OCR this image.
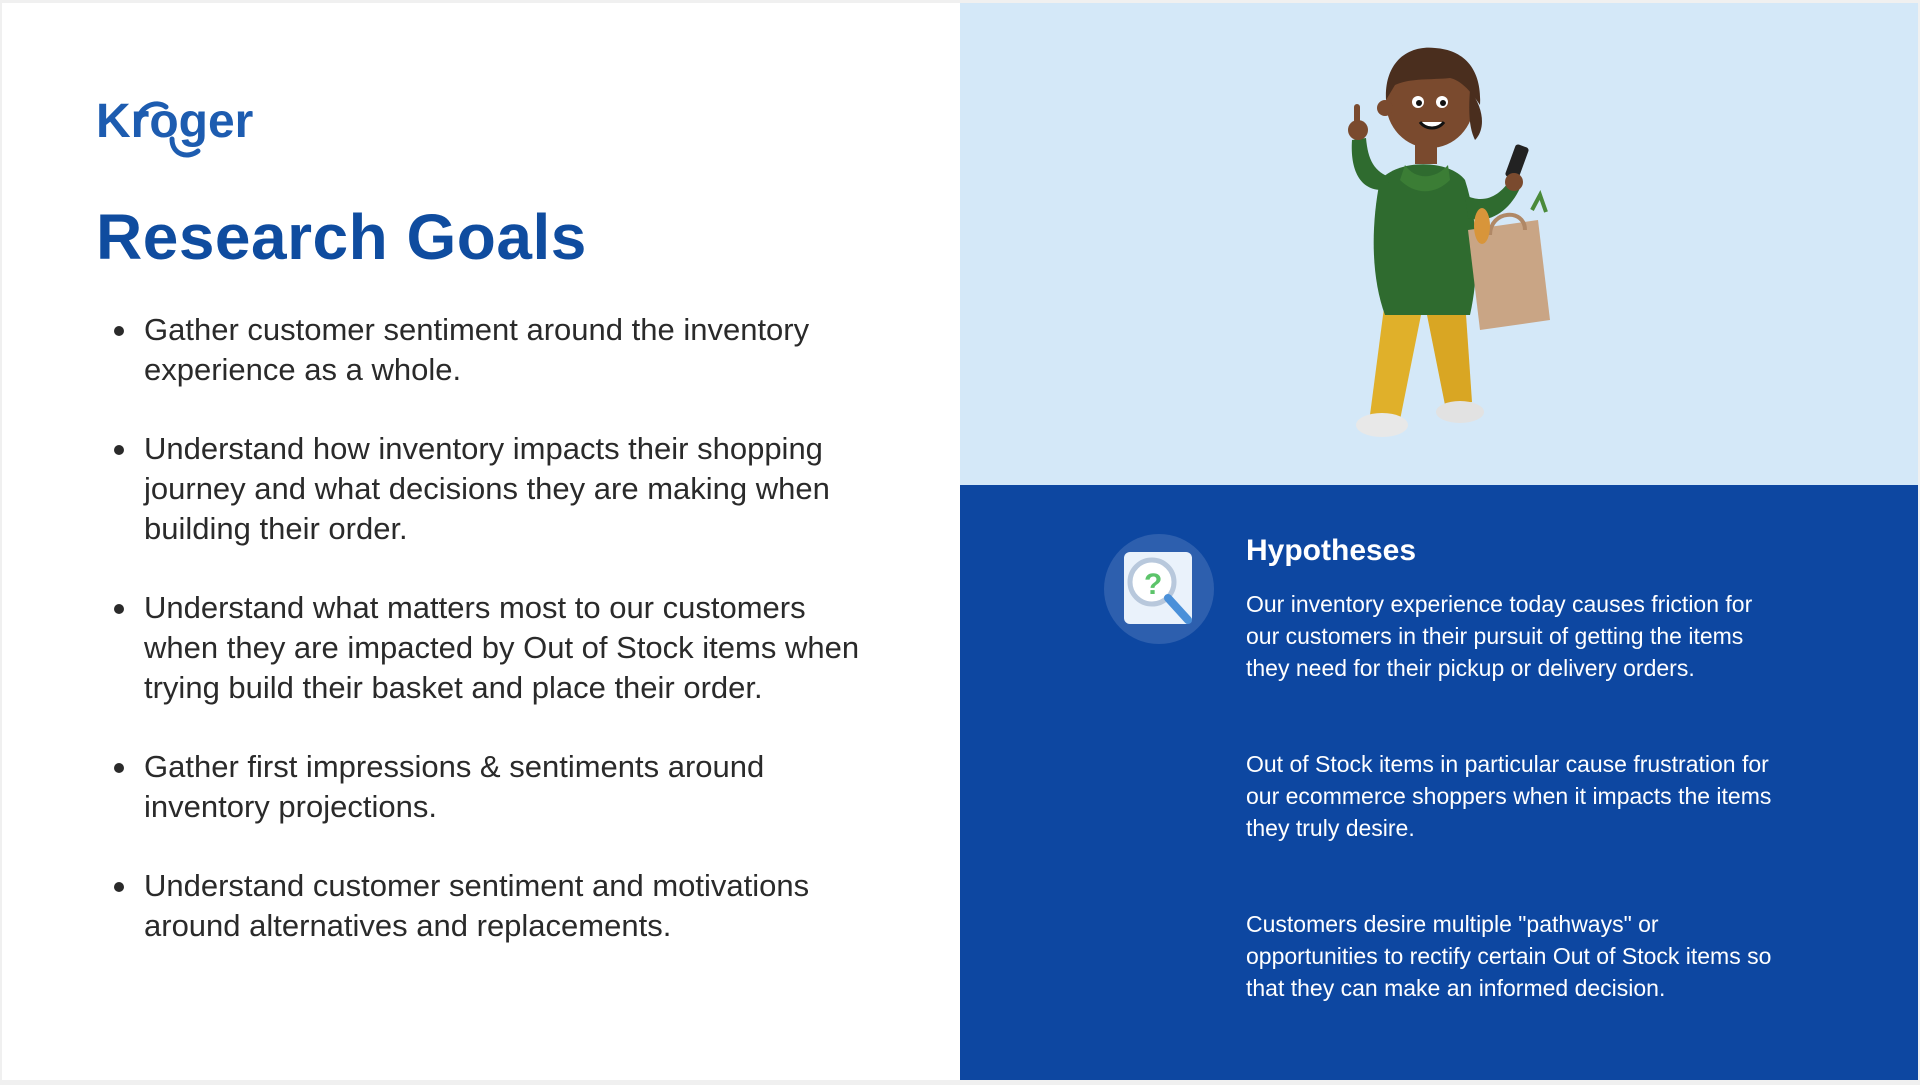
Kroger
Research Goals
Gather customer sentiment around the inventory experience as a whole.
Understand how inventory impacts their shopping journey and what decisions they are making when building their order.
Understand what matters most to our customers when they are impacted by Out of Stock items when trying build their basket and place their order.
Gather first impressions & sentiments around inventory projections.
Understand customer sentiment and motivations around alternatives and replacements.
?
Hypotheses

Our inventory experience today causes friction for our customers in their pursuit of getting the items they need for their pickup or delivery orders.

Out of Stock items in particular cause frustration for our ecommerce shoppers when it impacts the items they truly desire.

Customers desire multiple "pathways" or opportunities to rectify certain Out of Stock items so that they can make an informed decision.
